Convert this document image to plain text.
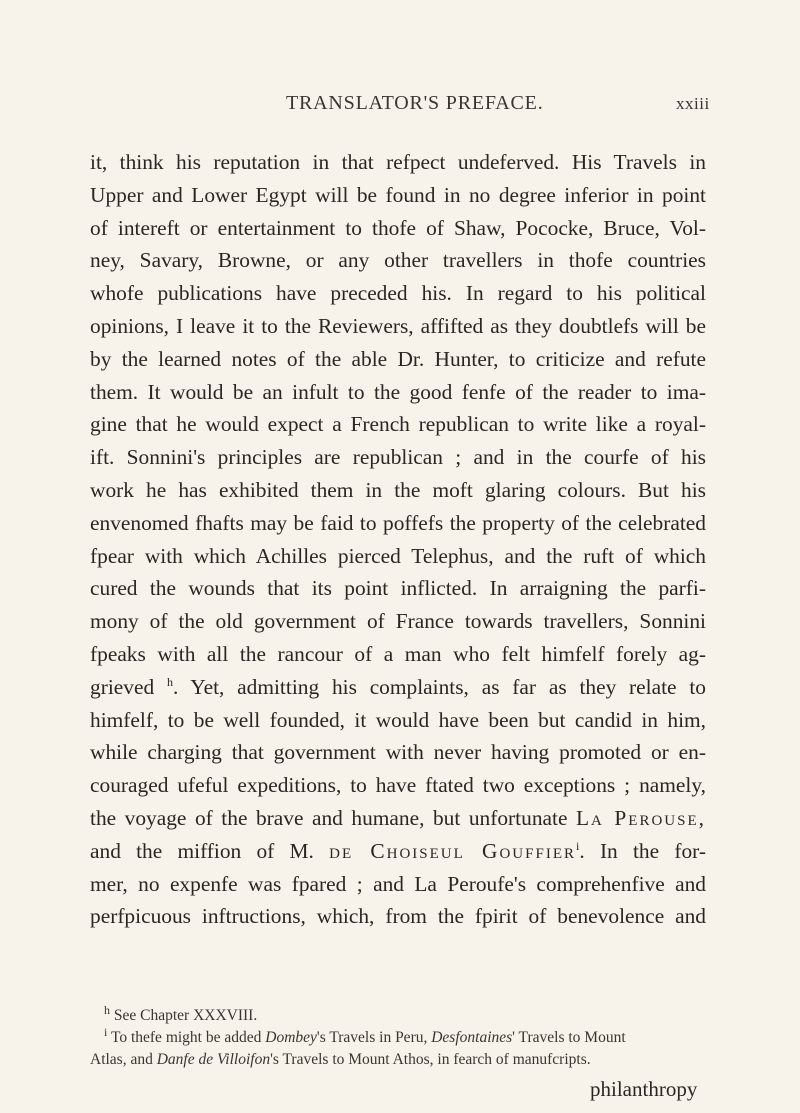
TRANSLATOR'S PREFACE.	xxiii
it, think his reputation in that refpect undeferved. His Travels in
Upper and Lower Egypt will be found in no degree inferior in point
of intereft or entertainment to thofe of Shaw, Pococke, Bruce, Vol-
ney, Savary, Browne, or any other travellers in thofe countries
whofe publications have preceded his. In regard to his political
opinions, I leave it to the Reviewers, affifted as they doubtlefs will be
by the learned notes of the able Dr. Hunter, to criticize and refute
them. It would be an infult to the good fenfe of the reader to ima-
gine that he would expect a French republican to write like a royal-
ift. Sonnini's principles are republican ; and in the courfe of his
work he has exhibited them in the moft glaring colours. But his
envenomed fhafts may be faid to poffefs the property of the celebrated
fpear with which Achilles pierced Telephus, and the ruft of which
cured the wounds that its point inflicted. In arraigning the parfi-
mony of the old government of France towards travellers, Sonnini
fpeaks with all the rancour of a man who felt himfelf forely ag-
grieved $^h$. Yet, admitting his complaints, as far as they relate to
himfelf, to be well founded, it would have been but candid in him,
while charging that government with never having promoted or en-
couraged ufeful expeditions, to have ftated two exceptions ; namely,
the voyage of the brave and humane, but unfortunate La Perouse,
and the miffion of M. de Choiseul Gouffier$^i$. In the for-
mer, no expenfe was fpared ; and La Peroufe's comprehenfive and
perfpicuous inftructions, which, from the fpirit of benevolence and
$^h$ See Chapter XXXVIII.
$^i$ To thefe might be added Dombey's Travels in Peru, Desfontaines' Travels to Mount
Atlas, and Danfe de Villoifon's Travels to Mount Athos, in fearch of manufcripts.
philanthropy
